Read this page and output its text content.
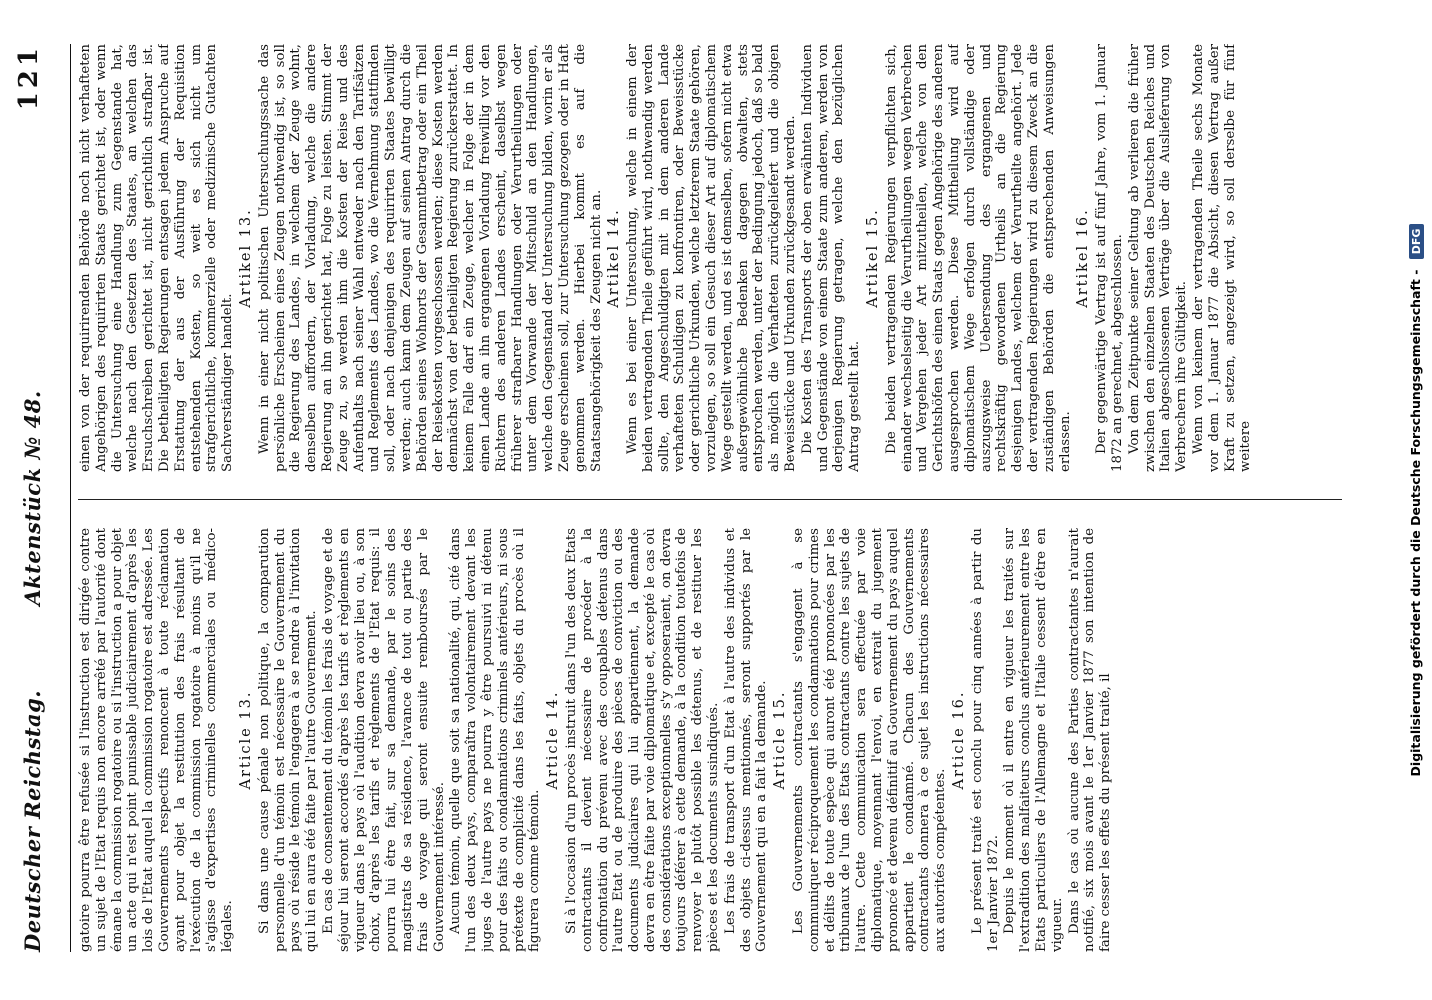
Deutscher Reichstag.
Aktenstück № 48.
121

gatoire pourra être refusée si l'instruction est dirigée contre un sujet de l'Etat requis non encore arrêté par l'autorité dont émane la commission rogatoire ou si l'instruction a pour objet un acte qui n'est point punissable judiciairement d'après les lois de l'Etat auquel la commission rogatoire est adressée. Les Gouvernements respectifs renoncent à toute réclamation ayant pour objet la restitution des frais résultant de l'exécution de la commission rogatoire à moins qu'il ne s'agisse d'expertises criminelles commerciales ou médico-légales.

Article 13. Si dans une cause pénale non politique, la comparution personnelle d'un témoin est nécessaire le Gouvernement du pays où réside le témoin l'engagera à se rendre à l'invitation qui lui en aura été faite par l'autre Gouvernement. En cas de consentement du témoin les frais de voyage et de séjour lui seront accordés d'après les tarifs et règlements en vigueur dans le pays où l'audition devra avoir lieu ou, à son choix, d'après les tarifs et règlements de l'Etat requis: il pourra lui être fait, sur sa demande, par le soins des magistrats de sa résidence, l'avance de tout ou partie des frais de voyage qui seront ensuite remboursés par le Gouvernement intéressé. Aucun témoin, quelle que soit sa nationalité, qui, cité dans l'un des deux pays, comparaîtra volontairement devant les juges de l'autre pays ne pourra y être poursuivi ni détenu pour des faits ou condamnations criminels antérieurs, ni sous prétexte de complicité dans les faits, objets du procès où il figurera comme témoin.

Article 14. Si à l'occasion d'un procès instruit dans l'un des deux Etats contractants il devient nécessaire de procéder à la confrontation du prévenu avec des coupables détenus dans l'autre Etat ou de produire des pièces de conviction ou des documents judiciaires qui lui appartiennent, la demande devra en être faite par voie diplomatique et, excepté le cas où des considérations exceptionnelles s'y opposeraient, on devra toujours déférer à cette demande, à la condition toutefois de renvoyer le plutôt possible les détenus, et de restituer les pièces et les documents susindiqués. Les frais de transport d'un Etat à l'autre des individus et des objets ci-dessus mentionnés, seront supportés par le Gouvernement qui en a fait la demande. Article 15. Les Gouvernements contractants s'engagent à se communiquer réciproquement les condamnations pour crimes et délits de toute espèce qui auront été prononcées par les tribunaux de l'un des Etats contractants contre les sujets de l'autre. Cette communication sera effectuée par voie diplomatique, moyennant l'envoi, en extrait du jugement prononcé et devenu définitif au Gouvernement du pays auquel appartient le condamné. Chacun des Gouvernements contractants donnera à ce sujet les instructions nécessaires aux autorités compétentes.

Article 16. Le présent traité est conclu pour cinq années à partir du 1er Janvier 1872. Depuis le moment où il entre en vigueur les traités sur l'extradition des malfaiteurs conclus antérieurement entre les Etats particuliers de l'Allemagne et l'Italie cessent d'être en vigueur. Dans le cas où aucune des Parties contractantes n'aurait notifié, six mois avant le 1er Janvier 1877 son intention de faire cesser les effets du présent traité, il

einen von der requirirenden Behörde noch nicht verhafteten Angehörigen des requirirten Staats gerichtet ist, oder wenn die Untersuchung eine Handlung zum Gegenstande hat, welche nach den Gesetzen des Staates, an welchen das Ersuchschreiben gerichtet ist, nicht gerichtlich strafbar ist. Die betheiligten Regierungen entsagen jedem Anspruche auf Erstattung der aus der Ausführung der Requisition entstehenden Kosten, so weit es sich nicht um strafgerichtliche, kommerzielle oder medizinische Gutachten Sachverständiger handelt.

Artikel 13. Wenn in einer nicht politischen Untersuchungssache das persönliche Erscheinen eines Zeugen nothwendig ist, so soll die Regierung des Landes, in welchem der Zeuge wohnt, denselben auffordern, der Vorladung, welche die andere Regierung an ihn gerichtet hat, Folge zu leisten. Stimmt der Zeuge zu, so werden ihm die Kosten der Reise und des Aufenthalts nach seiner Wahl entweder nach den Tarifsätzen und Reglements des Landes, wo die Vernehmung stattfinden soll, oder nach denjenigen des requirirten Staates bewilligt werden; auch kann dem Zeugen auf seinen Antrag durch die Behörden seines Wohnorts der Gesammtbetrag oder ein Theil der Reisekosten vorgeschossen werden; diese Kosten werden demnächst von der betheiligten Regierung zurückerstattet. In keinem Falle darf ein Zeuge, welcher in Folge der in dem einen Lande an ihn ergangenen Vorladung freiwillig vor den Richtern des anderen Landes erscheint, daselbst wegen früherer strafbarer Handlungen oder Verurtheilungen oder unter dem Vorwande der Mitschuld an den Handlungen, welche den Gegenstand der Untersuchung bilden, worin er als Zeuge erscheinen soll, zur Untersuchung gezogen oder in Haft genommen werden. Hierbei kommt es auf die Staatsangehörigkeit des Zeugen nicht an. Artikel 14. Wenn es bei einer Untersuchung, welche in einem der beiden vertragenden Theile geführt wird, nothwendig werden sollte, den Angeschuldigten mit in dem anderen Lande verhafteten Schuldigen zu konfrontiren, oder Beweisstücke oder gerichtliche Urkunden, welche letzterem Staate gehören, vorzulegen, so soll ein Gesuch dieser Art auf diplomatischem Wege gestellt werden, und es ist demselben, sofern nicht etwa außergewöhnliche Bedenken dagegen obwalten, stets entsprochen werden, unter der Bedingung jedoch, daß so bald als möglich die Verhafteten zurückgeliefert und die obigen Beweisstücke und Urkunden zurückgesandt werden. Die Kosten des Transports der oben erwähnten Individuen und Gegenstände von einem Staate zum anderen, werden von derjenigen Regierung getragen, welche den bezüglichen Antrag gestellt hat.

Artikel 15. Die beiden vertragenden Regierungen verpflichten sich, einander wechselseitig die Verurtheilungen wegen Verbrechen und Vergehen jeder Art mitzutheilen, welche von den Gerichtshöfen des einen Staats gegen Angehörige des anderen ausgesprochen werden. Diese Mittheilung wird auf diplomatischem Wege erfolgen durch vollständige oder auszugsweise Uebersendung des ergangenen und rechtskräftig gewordenen Urtheils an die Regierung desjenigen Landes, welchem der Verurtheilte angehört. Jede der vertragenden Regierungen wird zu diesem Zweck an die zuständigen Behörden die entsprechenden Anweisungen erlassen.

Artikel 16. Der gegenwärtige Vertrag ist auf fünf Jahre, vom 1. Januar 1872 an gerechnet, abgeschlossen. Von dem Zeitpunkte seiner Geltung ab verlieren die früher zwischen den einzelnen Staaten des Deutschen Reiches und Italien abgeschlossenen Verträge über die Auslieferung von Verbrechern ihre Gültigkeit. Wenn von keinem der vertragenden Theile sechs Monate vor dem 1. Januar 1877 die Absicht, diesen Vertrag außer Kraft zu setzen, angezeigt wird, so soll derselbe für fünf weitere	Digitalisierung gefördert durch die Deutsche Forschungsgemeinschaft - DFG
